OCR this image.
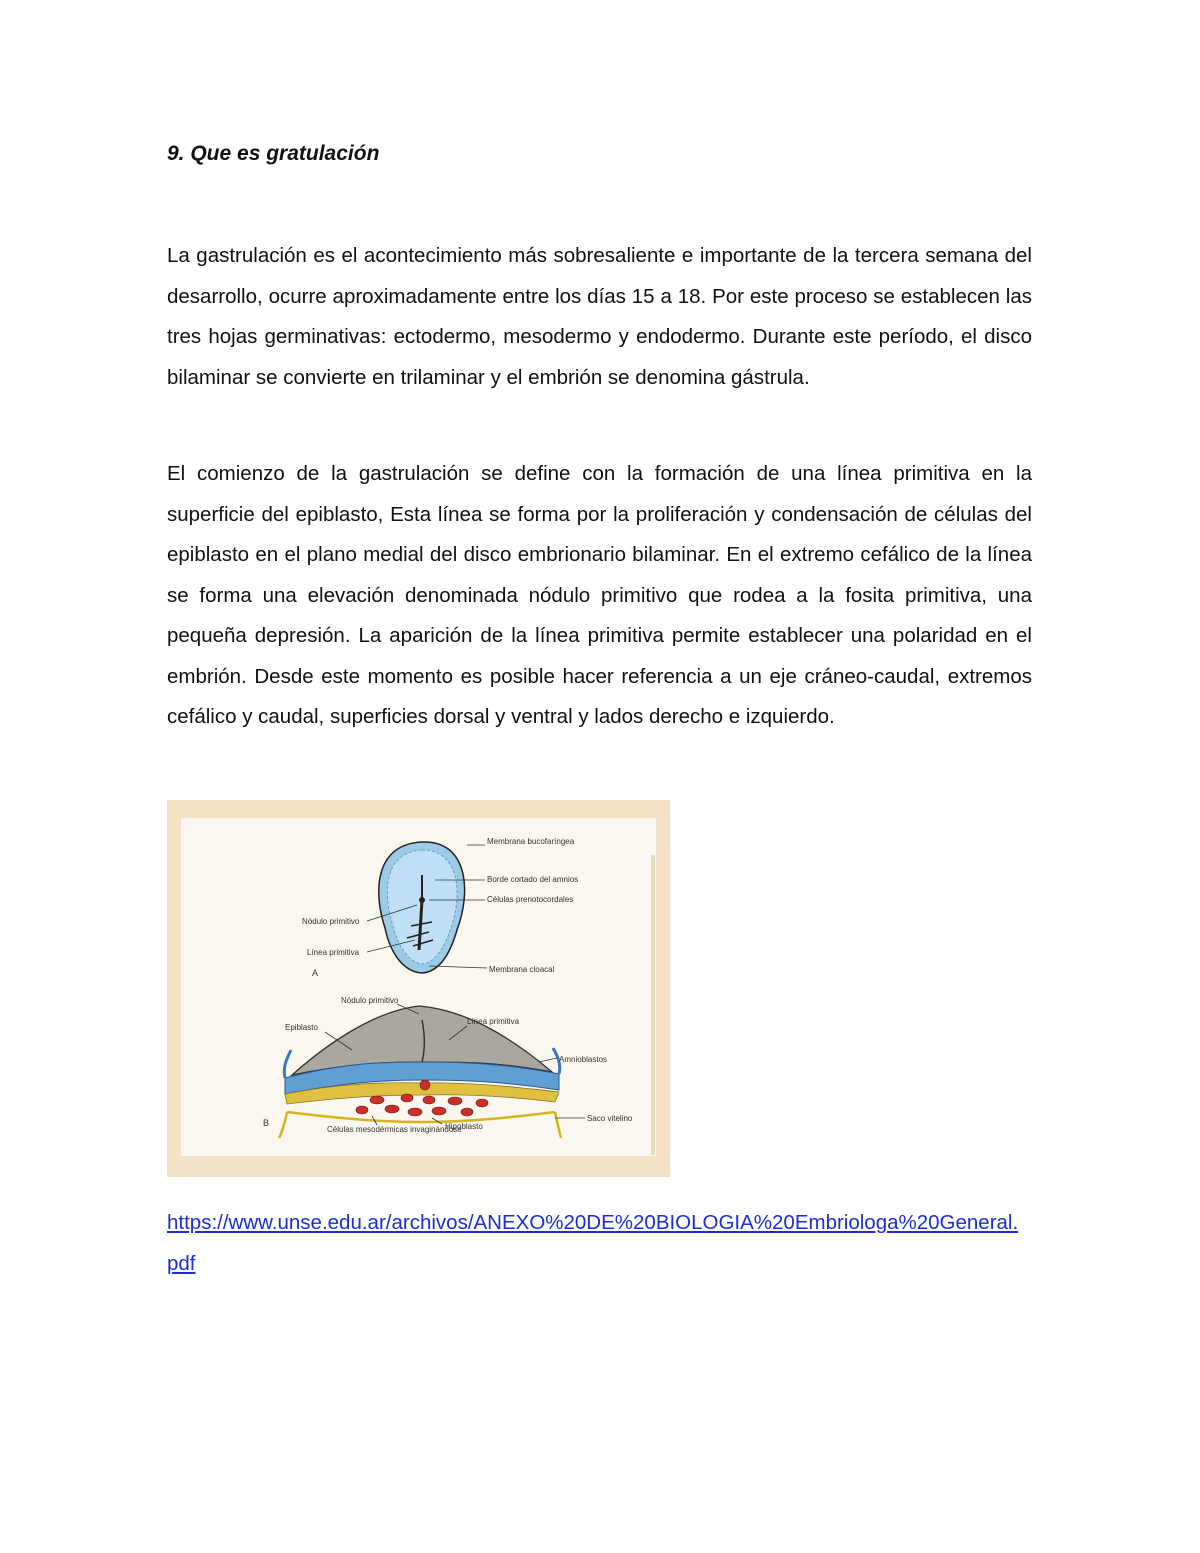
9. Que es gratulación

La gastrulación es el acontecimiento más sobresaliente e importante de la tercera semana del desarrollo, ocurre aproximadamente entre los días 15 a 18. Por este proceso se establecen las tres hojas germinativas: ectodermo, mesodermo y endodermo. Durante este período, el disco bilaminar se convierte en trilaminar y el embrión se denomina gástrula.

El comienzo de la gastrulación se define con la formación de una línea primitiva en la superficie del epiblasto, Esta línea se forma por la proliferación y condensación de células del epiblasto en el plano medial del disco embrionario bilaminar. En el extremo cefálico de la línea se forma una elevación denominada nódulo primitivo que rodea a la fosita primitiva, una pequeña depresión. La aparición de la línea primitiva permite establecer una polaridad en el embrión. Desde este momento es posible hacer referencia a un eje cráneo-caudal, extremos cefálico y caudal, superficies dorsal y ventral y lados derecho e izquierdo.

Membrana bucofaríngea
Borde cortado del amnios
Células prenotocordales
Nódulo primitivo
Línea primitiva
Membrana cloacal
A
Nódulo primitivo
Epiblasto
Línea primitiva
Amnioblastos
Saco vitelino
Hipoblasto
Células mesodérmicas invaginándose
B
https://www.unse.edu.ar/archivos/ANEXO%20DE%20BIOLOGIA%20Embriologa%20General.pdf
